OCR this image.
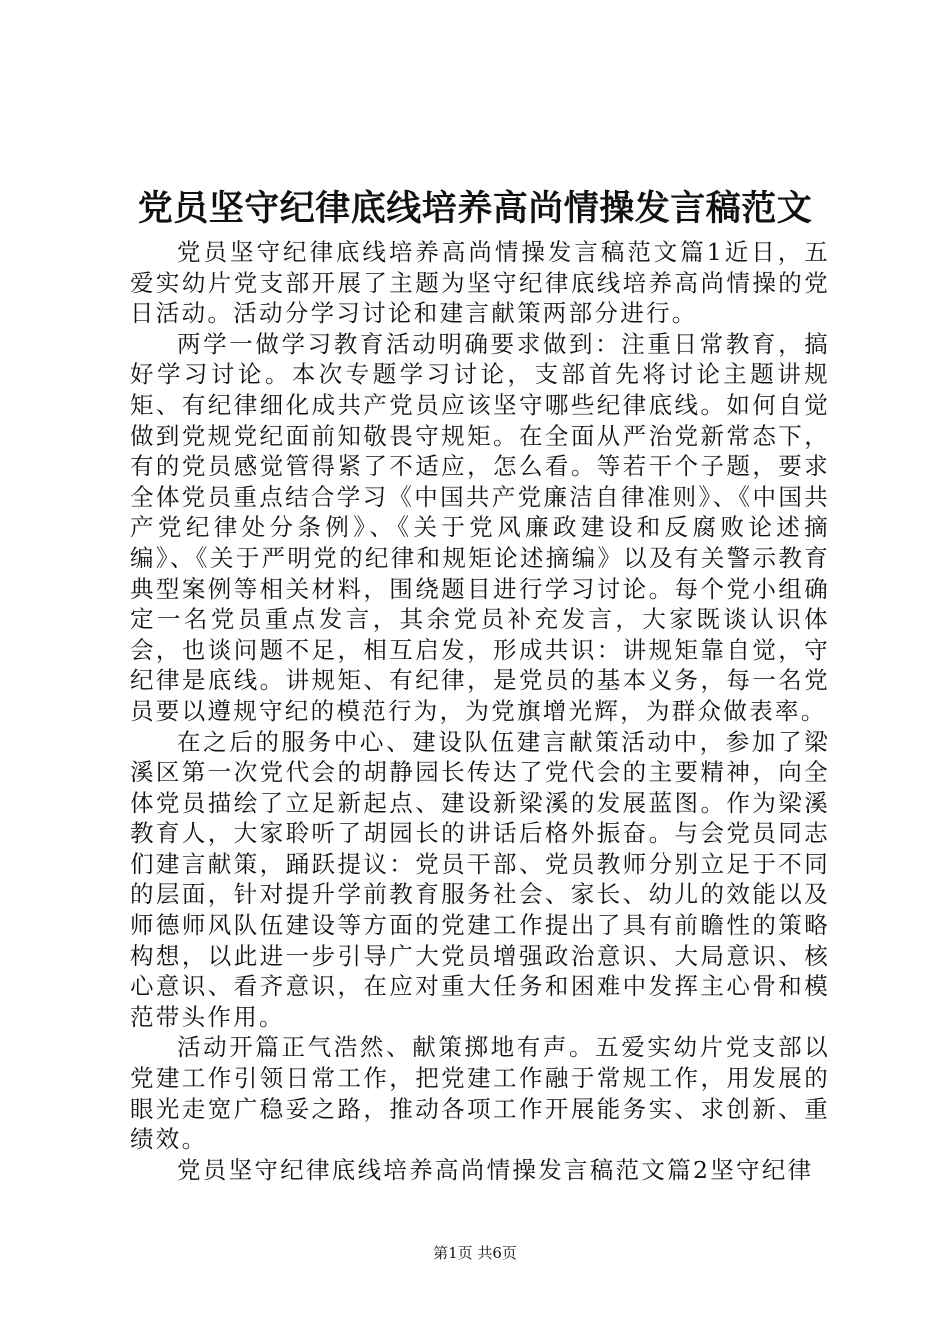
党员坚守纪律底线培养高尚情操发言稿范文

党员坚守纪律底线培养高尚情操发言稿范文篇1近日，五爱实幼片党支部开展了主题为坚守纪律底线培养高尚情操的党日活动。活动分学习讨论和建言献策两部分进行。

两学一做学习教育活动明确要求做到：注重日常教育，搞好学习讨论。本次专题学习讨论，支部首先将讨论主题讲规矩、有纪律细化成共产党员应该坚守哪些纪律底线。如何自觉做到党规党纪面前知敬畏守规矩。在全面从严治党新常态下，有的党员感觉管得紧了不适应，怎么看。等若干个子题，要求全体党员重点结合学习《中国共产党廉洁自律准则》、《中国共产党纪律处分条例》、《关于党风廉政建设和反腐败论述摘编》、《关于严明党的纪律和规矩论述摘编》以及有关警示教育典型案例等相关材料，围绕题目进行学习讨论。每个党小组确定一名党员重点发言，其余党员补充发言，大家既谈认识体会，也谈问题不足，相互启发，形成共识：讲规矩靠自觉，守纪律是底线。讲规矩、有纪律，是党员的基本义务，每一名党员要以遵规守纪的模范行为，为党旗增光辉，为群众做表率。

在之后的服务中心、建设队伍建言献策活动中，参加了梁溪区第一次党代会的胡静园长传达了党代会的主要精神，向全体党员描绘了立足新起点、建设新梁溪的发展蓝图。作为梁溪教育人，大家聆听了胡园长的讲话后格外振奋。与会党员同志们建言献策，踊跃提议：党员干部、党员教师分别立足于不同的层面，针对提升学前教育服务社会、家长、幼儿的效能以及师德师风队伍建设等方面的党建工作提出了具有前瞻性的策略构想，以此进一步引导广大党员增强政治意识、大局意识、核心意识、看齐意识，在应对重大任务和困难中发挥主心骨和模范带头作用。

活动开篇正气浩然、献策掷地有声。五爱实幼片党支部以党建工作引领日常工作，把党建工作融于常规工作，用发展的眼光走宽广稳妥之路，推动各项工作开展能务实、求创新、重绩效。

党员坚守纪律底线培养高尚情操发言稿范文篇2坚守纪律

第1页 共6页
